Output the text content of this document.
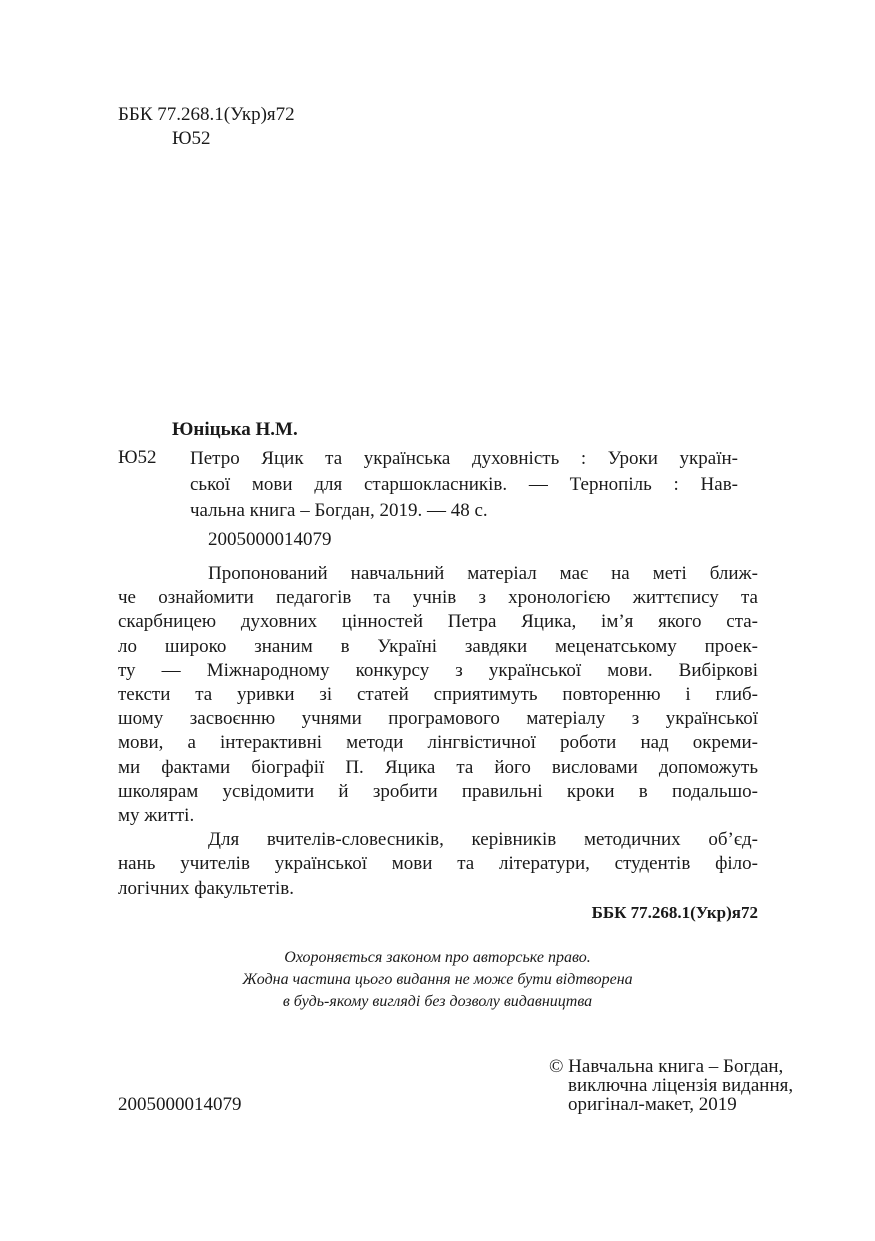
ББК 77.268.1(Укр)я72
Ю52
Юніцька Н.М.
Ю52 Петро Яцик та українська духовність : Уроки україн-
ської мови для старшокласників. — Тернопіль : Нав-
чальна книга – Богдан, 2019. — 48 с.
2005000014079
Пропонований навчальний матеріал має на меті ближ-
че ознайомити педагогів та учнів з хронологією життєпису та
скарбницею духовних цінностей Петра Яцика, ім’я якого ста-
ло широко знаним в Україні завдяки меценатському проек-
ту — Міжнародному конкурсу з української мови. Вибіркові
тексти та уривки зі статей сприятимуть повторенню і глиб-
шому засвоєнню учнями програмового матеріалу з української
мови, а інтерактивні методи лінгвістичної роботи над окреми-
ми фактами біографії П. Яцика та його висловами допоможуть
школярам усвідомити й зробити правильні кроки в подальшо-
му житті.
Для вчителів-словесників, керівників методичних об’єд-
нань учителів української мови та літератури, студентів філо-
логічних факультетів.
ББК 77.268.1(Укр)я72
Охороняється законом про авторське право.
Жодна частина цього видання не може бути відтворена
в будь-якому вигляді без дозволу видавництва
2005000014079
© Навчальна книга – Богдан,
виключна ліцензія видання,
оригінал-макет, 2019
